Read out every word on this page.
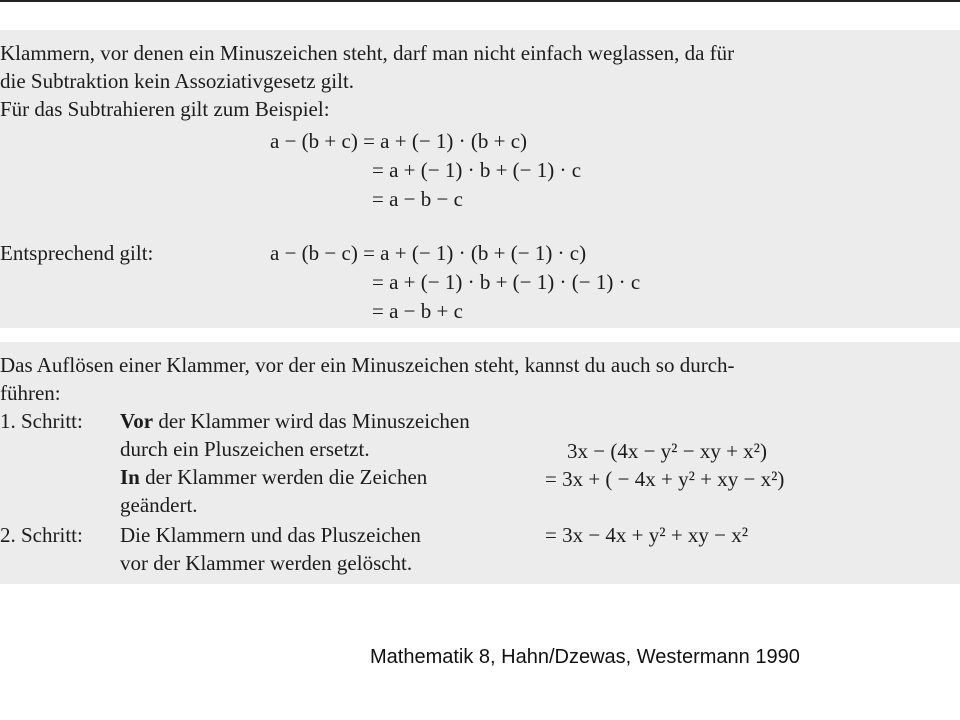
Klammern, vor denen ein Minuszeichen steht, darf man nicht einfach weglassen, da für
die Subtraktion kein Assoziativgesetz gilt.
Für das Subtrahieren gilt zum Beispiel:
a − (b + c) = a + (− 1) · (b + c)
= a + (− 1) · b + (− 1) · c
= a − b − c
Entsprechend gilt:	a − (b − c) = a + (− 1) · (b + (− 1) · c)
= a + (− 1) · b + (− 1) · (− 1) · c
= a − b + c
Das Auflösen einer Klammer, vor der ein Minuszeichen steht, kannst du auch so durch-
führen:
1. Schritt: Vor der Klammer wird das Minuszeichen
durch ein Pluszeichen ersetzt.
In der Klammer werden die Zeichen
geändert.
2. Schritt: Die Klammern und das Pluszeichen
vor der Klammer werden gelöscht.
3x − (4x − y² − xy + x²)
= 3x + ( − 4x + y² + xy − x²)
= 3x − 4x + y² + xy − x²
Mathematik 8, Hahn/Dzewas, Westermann 1990
